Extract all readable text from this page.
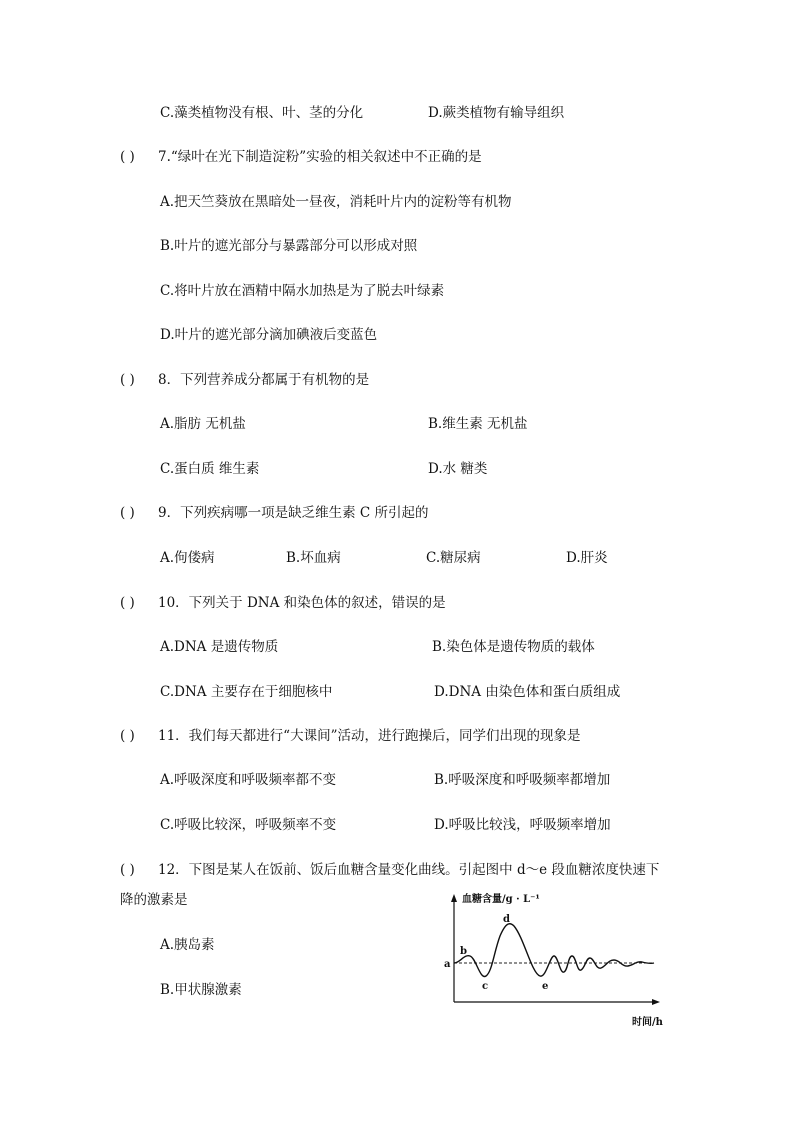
C.藻类植物没有根、叶、茎的分化	D.蕨类植物有输导组织
( ) 7.“绿叶在光下制造淀粉”实验的相关叙述中不正确的是
A.把天竺葵放在黑暗处一昼夜，消耗叶片内的淀粉等有机物
B.叶片的遮光部分与暴露部分可以形成对照
C.将叶片放在酒精中隔水加热是为了脱去叶绿素
D.叶片的遮光部分滴加碘液后变蓝色
( ) 8．下列营养成分都属于有机物的是
A.脂肪 无机盐	B.维生素 无机盐
C.蛋白质 维生素	D.水 糖类
( ) 9．下列疾病哪一项是缺乏维生素 C 所引起的
A.佝偻病	B.坏血病	C.糖尿病	D.肝炎
( ) 10．下列关于 DNA 和染色体的叙述，错误的是
A.DNA 是遗传物质	B.染色体是遗传物质的载体
C.DNA 主要存在于细胞核中	D.DNA 由染色体和蛋白质组成
( ) 11．我们每天都进行“大课间”活动，进行跑操后，同学们出现的现象是
A.呼吸深度和呼吸频率都不变	B.呼吸深度和呼吸频率都增加
C.呼吸比较深，呼吸频率不变	D.呼吸比较浅，呼吸频率增加
( ) 12．下图是某人在饭前、饭后血糖含量变化曲线。引起图中 d～e 段血糖浓度快速下
降的激素是
A.胰岛素
B.甲状腺激素
血糖含量/g · L⁻¹
时间/h
a
b
c
d
e
